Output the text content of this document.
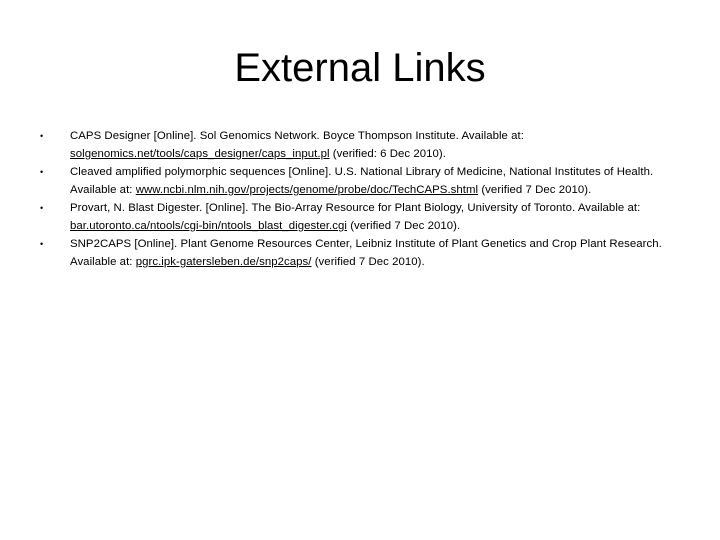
External Links
•	CAPS Designer [Online]. Sol Genomics Network. Boyce Thompson Institute. Available at: solgenomics.net/tools/caps_designer/caps_input.pl (verified: 6 Dec 2010).
•	Cleaved amplified polymorphic sequences [Online]. U.S. National Library of Medicine, National Institutes of Health. Available at: www.ncbi.nlm.nih.gov/projects/genome/probe/doc/TechCAPS.shtml (verified 7 Dec 2010).
•	Provart, N. Blast Digester. [Online]. The Bio-Array Resource for Plant Biology, University of Toronto. Available at: bar.utoronto.ca/ntools/cgi-bin/ntools_blast_digester.cgi (verified 7 Dec 2010).
•	SNP2CAPS [Online]. Plant Genome Resources Center, Leibniz Institute of Plant Genetics and Crop Plant Research. Available at: pgrc.ipk-gatersleben.de/snp2caps/ (verified 7 Dec 2010).
